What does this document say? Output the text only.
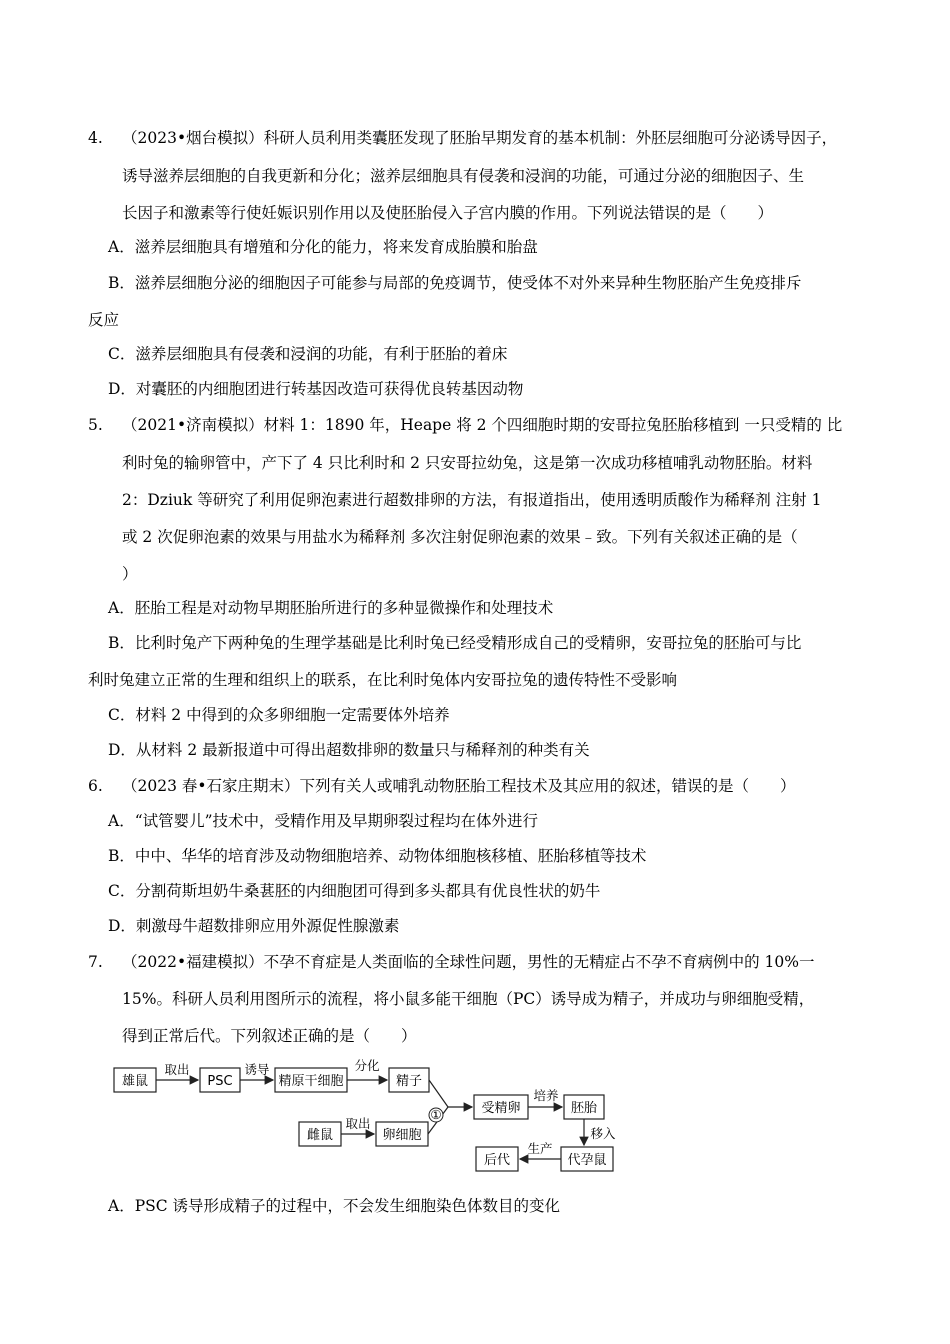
4. （2023•烟台模拟）科研人员利用类囊胚发现了胚胎早期发育的基本机制：外胚层细胞可分泌诱导因子，
诱导滋养层细胞的自我更新和分化；滋养层细胞具有侵袭和浸润的功能，可通过分泌的细胞因子、生
长因子和激素等行使妊娠识别作用以及使胚胎侵入子宫内膜的作用。下列说法错误的是（　　）
A．滋养层细胞具有增殖和分化的能力，将来发育成胎膜和胎盘
B．滋养层细胞分泌的细胞因子可能参与局部的免疫调节，使受体不对外来异种生物胚胎产生免疫排斥
反应
C．滋养层细胞具有侵袭和浸润的功能，有利于胚胎的着床
D．对囊胚的内细胞团进行转基因改造可获得优良转基因动物
5. （2021•济南模拟）材料 1：1890 年，Heape 将 2 个四细胞时期的安哥拉兔胚胎移植到 一只受精的 比
利时兔的输卵管中，产下了 4 只比利时和 2 只安哥拉幼兔，这是第一次成功移植哺乳动物胚胎。材料
2：Dziuk 等研究了利用促卵泡素进行超数排卵的方法，有报道指出，使用透明质酸作为稀释剂 注射 1
或 2 次促卵泡素的效果与用盐水为稀释剂 多次注射促卵泡素的效果﹣致。下列有关叙述正确的是（
）
A．胚胎工程是对动物早期胚胎所进行的多种显微操作和处理技术
B．比利时兔产下两种兔的生理学基础是比利时兔已经受精形成自己的受精卵，安哥拉兔的胚胎可与比
利时兔建立正常的生理和组织上的联系，在比利时兔体内安哥拉兔的遗传特性不受影响
C．材料 2 中得到的众多卵细胞一定需要体外培养
D．从材料 2 最新报道中可得出超数排卵的数量只与稀释剂的种类有关
6. （2023 春•石家庄期末）下列有关人或哺乳动物胚胎工程技术及其应用的叙述，错误的是（　　）
A．“试管婴儿”技术中，受精作用及早期卵裂过程均在体外进行
B．中中、华华的培育涉及动物细胞培养、动物体细胞核移植、胚胎移植等技术
C．分割荷斯坦奶牛桑葚胚的内细胞团可得到多头都具有优良性状的奶牛
D．刺激母牛超数排卵应用外源促性腺激素
7. （2022•福建模拟）不孕不育症是人类面临的全球性问题，男性的无精症占不孕不育病例中的 10%一
15%。科研人员利用图所示的流程，将小鼠多能干细胞（PC）诱导成为精子，并成功与卵细胞受精，
得到正常后代。下列叙述正确的是（　　）
雄鼠	PSC	精原干细胞	精子
雌鼠	卵细胞
受精卵	胚胎
代孕鼠
后代
取出	诱导	分化
取出
①
培养
移入
生产
A．PSC 诱导形成精子的过程中，不会发生细胞染色体数目的变化
